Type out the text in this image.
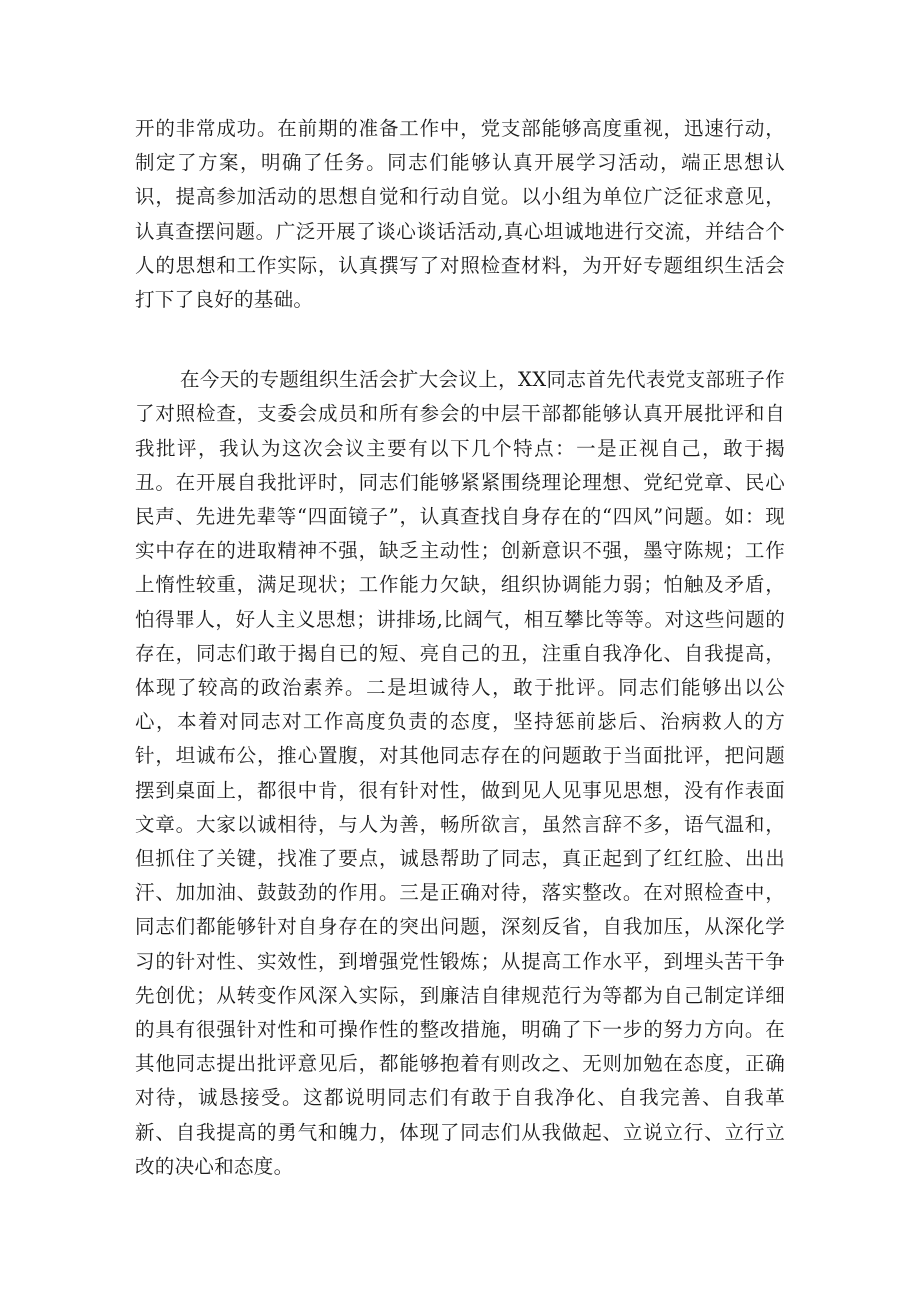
开的非常成功。在前期的准备工作中，党支部能够高度重视，迅速行动，制定了方案，明确了任务。同志们能够认真开展学习活动，端正思想认识，提高参加活动的思想自觉和行动自觉。以小组为单位广泛征求意见，认真查摆问题。广泛开展了谈心谈话活动,真心坦诚地进行交流，并结合个人的思想和工作实际，认真撰写了对照检查材料，为开好专题组织生活会打下了良好的基础。

在今天的专题组织生活会扩大会议上，XX同志首先代表党支部班子作了对照检查，支委会成员和所有参会的中层干部都能够认真开展批评和自我批评，我认为这次会议主要有以下几个特点：一是正视自己，敢于揭丑。在开展自我批评时，同志们能够紧紧围绕理论理想、党纪党章、民心民声、先进先辈等“四面镜子”，认真查找自身存在的“四风”问题。如：现实中存在的进取精神不强，缺乏主动性；创新意识不强，墨守陈规；工作上惰性较重，满足现状；工作能力欠缺，组织协调能力弱；怕触及矛盾，怕得罪人，好人主义思想；讲排场,比阔气，相互攀比等等。对这些问题的存在，同志们敢于揭自已的短、亮自己的丑，注重自我净化、自我提高，体现了较高的政治素养。二是坦诚待人，敢于批评。同志们能够出以公心，本着对同志对工作高度负责的态度，坚持惩前毖后、治病救人的方针，坦诚布公，推心置腹，对其他同志存在的问题敢于当面批评，把问题摆到桌面上，都很中肯，很有针对性，做到见人见事见思想，没有作表面文章。大家以诚相待，与人为善，畅所欲言，虽然言辞不多，语气温和，但抓住了关键，找准了要点，诚恳帮助了同志，真正起到了红红脸、出出汗、加加油、鼓鼓劲的作用。三是正确对待，落实整改。在对照检查中，同志们都能够针对自身存在的突出问题，深刻反省，自我加压，从深化学习的针对性、实效性，到增强党性锻炼；从提高工作水平，到埋头苦干争先创优；从转变作风深入实际，到廉洁自律规范行为等都为自己制定详细的具有很强针对性和可操作性的整改措施，明确了下一步的努力方向。在其他同志提出批评意见后，都能够抱着有则改之、无则加勉在态度，正确对待，诚恳接受。这都说明同志们有敢于自我净化、自我完善、自我革新、自我提高的勇气和魄力，体现了同志们从我做起、立说立行、立行立改的决心和态度。
